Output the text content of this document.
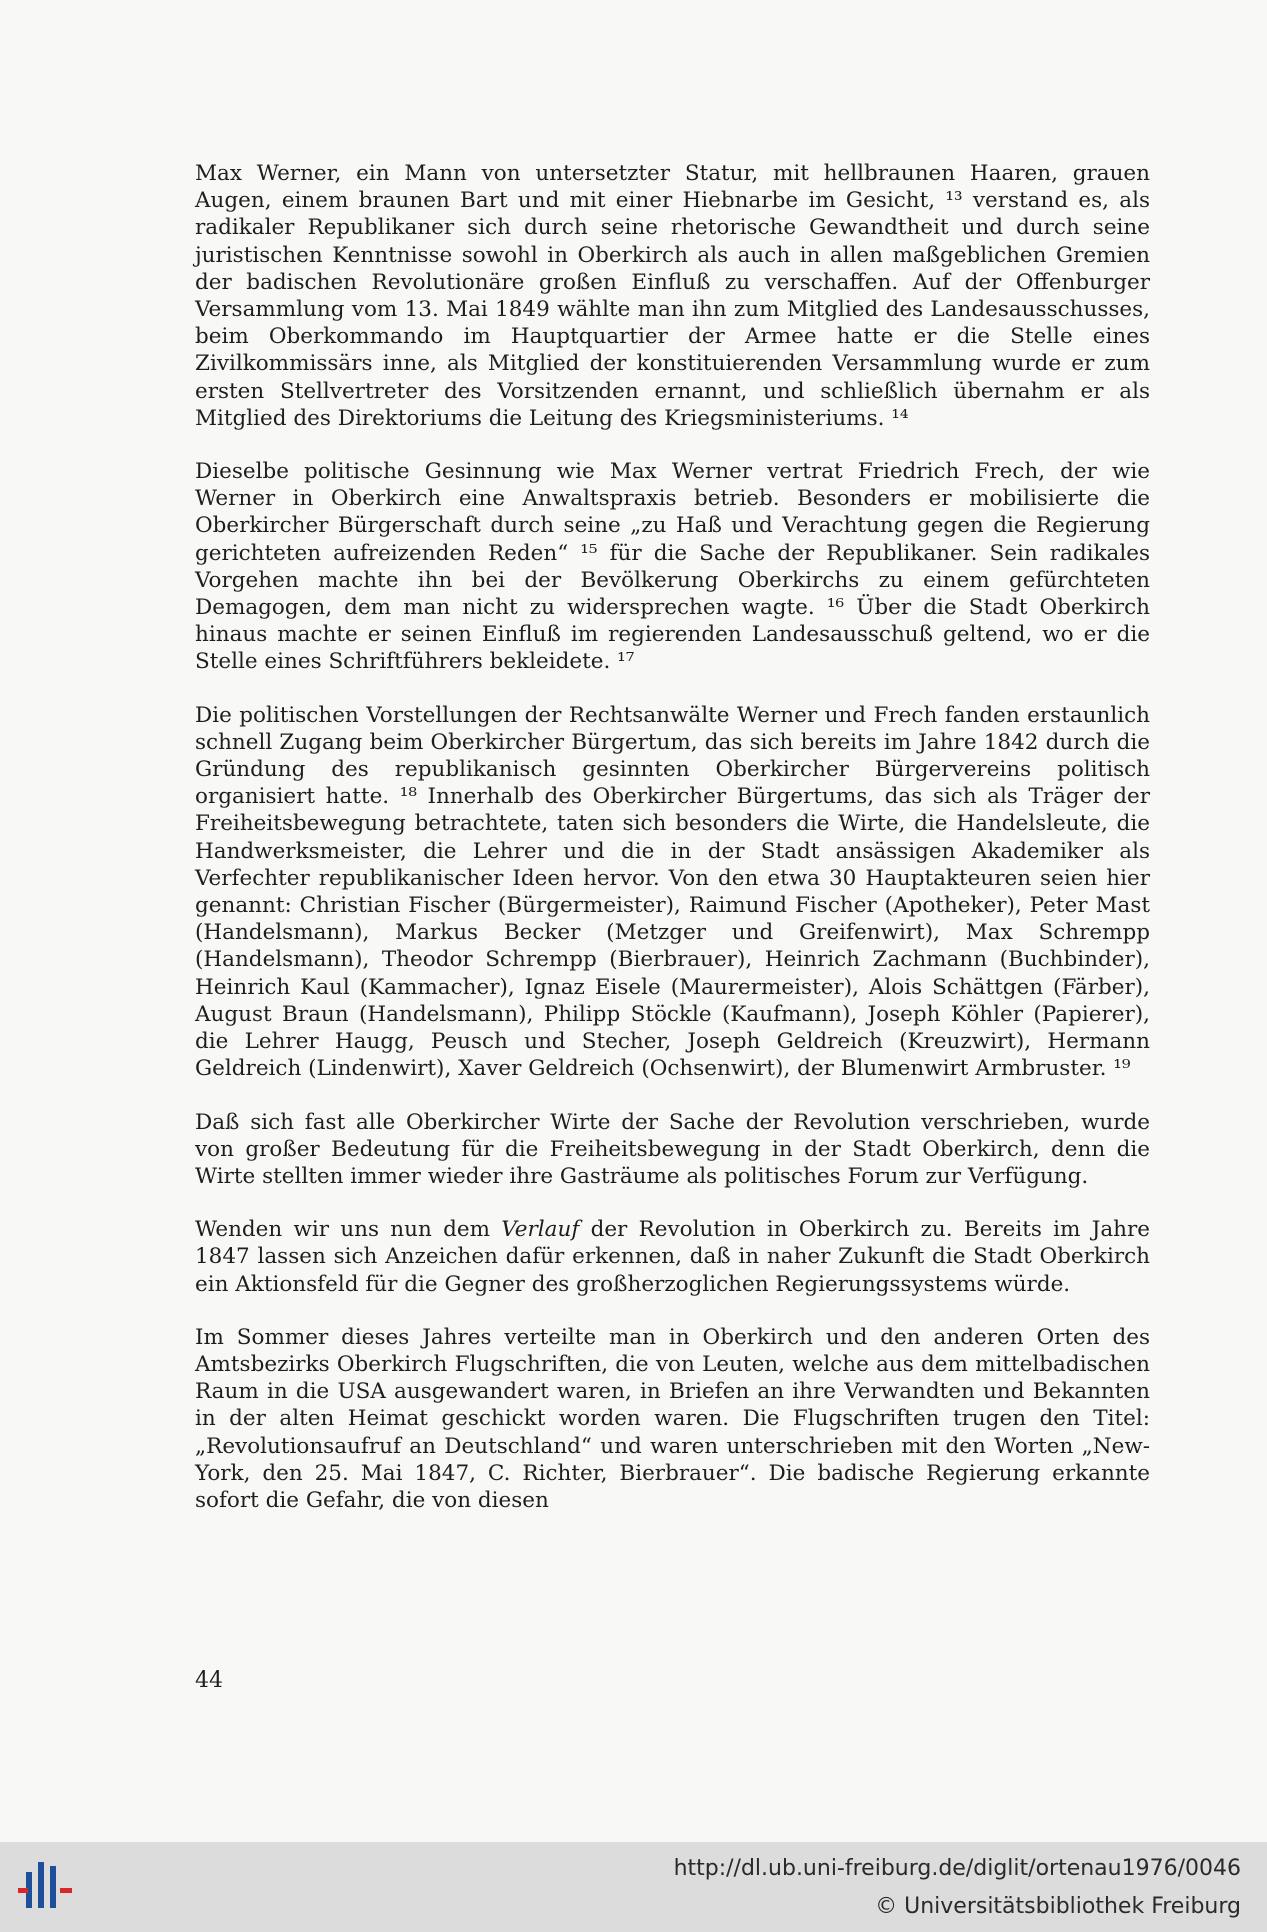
Max Werner, ein Mann von untersetzter Statur, mit hellbraunen Haaren, grauen Augen, einem braunen Bart und mit einer Hiebnarbe im Gesicht, ¹³ verstand es, als radikaler Republikaner sich durch seine rhetorische Gewandtheit und durch seine juristischen Kenntnisse sowohl in Oberkirch als auch in allen maßgeblichen Gremien der badischen Revolutionäre großen Einfluß zu verschaffen. Auf der Offenburger Versammlung vom 13. Mai 1849 wählte man ihn zum Mitglied des Landesausschusses, beim Oberkommando im Hauptquartier der Armee hatte er die Stelle eines Zivilkommissärs inne, als Mitglied der konstituierenden Versammlung wurde er zum ersten Stellvertreter des Vorsitzenden ernannt, und schließlich übernahm er als Mitglied des Direktoriums die Leitung des Kriegsministeriums. ¹⁴

Dieselbe politische Gesinnung wie Max Werner vertrat Friedrich Frech, der wie Werner in Oberkirch eine Anwaltspraxis betrieb. Besonders er mobilisierte die Oberkircher Bürgerschaft durch seine „zu Haß und Verachtung gegen die Regierung gerichteten aufreizenden Reden“ ¹⁵ für die Sache der Republikaner. Sein radikales Vorgehen machte ihn bei der Bevölkerung Oberkirchs zu einem gefürchteten Demagogen, dem man nicht zu widersprechen wagte. ¹⁶ Über die Stadt Oberkirch hinaus machte er seinen Einfluß im regierenden Landesausschuß geltend, wo er die Stelle eines Schriftführers bekleidete. ¹⁷

Die politischen Vorstellungen der Rechtsanwälte Werner und Frech fanden erstaunlich schnell Zugang beim Oberkircher Bürgertum, das sich bereits im Jahre 1842 durch die Gründung des republikanisch gesinnten Oberkircher Bürgervereins politisch organisiert hatte. ¹⁸ Innerhalb des Oberkircher Bürgertums, das sich als Träger der Freiheitsbewegung betrachtete, taten sich besonders die Wirte, die Handelsleute, die Handwerksmeister, die Lehrer und die in der Stadt ansässigen Akademiker als Verfechter republikanischer Ideen hervor. Von den etwa 30 Hauptakteuren seien hier genannt: Christian Fischer (Bürgermeister), Raimund Fischer (Apotheker), Peter Mast (Handelsmann), Markus Becker (Metzger und Greifenwirt), Max Schrempp (Handelsmann), Theodor Schrempp (Bierbrauer), Heinrich Zachmann (Buchbinder), Heinrich Kaul (Kammacher), Ignaz Eisele (Maurermeister), Alois Schättgen (Färber), August Braun (Handelsmann), Philipp Stöckle (Kaufmann), Joseph Köhler (Papierer), die Lehrer Haugg, Peusch und Stecher, Joseph Geldreich (Kreuzwirt), Hermann Geldreich (Lindenwirt), Xaver Geldreich (Ochsenwirt), der Blumenwirt Armbruster. ¹⁹

Daß sich fast alle Oberkircher Wirte der Sache der Revolution verschrieben, wurde von großer Bedeutung für die Freiheitsbewegung in der Stadt Oberkirch, denn die Wirte stellten immer wieder ihre Gasträume als politisches Forum zur Verfügung.

Wenden wir uns nun dem Verlauf der Revolution in Oberkirch zu. Bereits im Jahre 1847 lassen sich Anzeichen dafür erkennen, daß in naher Zukunft die Stadt Oberkirch ein Aktionsfeld für die Gegner des großherzoglichen Regierungssystems würde.

Im Sommer dieses Jahres verteilte man in Oberkirch und den anderen Orten des Amtsbezirks Oberkirch Flugschriften, die von Leuten, welche aus dem mittelbadischen Raum in die USA ausgewandert waren, in Briefen an ihre Verwandten und Bekannten in der alten Heimat geschickt worden waren. Die Flugschriften trugen den Titel: „Revolutionsaufruf an Deutschland“ und waren unterschrieben mit den Worten „New-York, den 25. Mai 1847, C. Richter, Bierbrauer“. Die badische Regierung erkannte sofort die Gefahr, die von diesen

44
http://dl.ub.uni-freiburg.de/diglit/ortenau1976/0046
© Universitätsbibliothek Freiburg
